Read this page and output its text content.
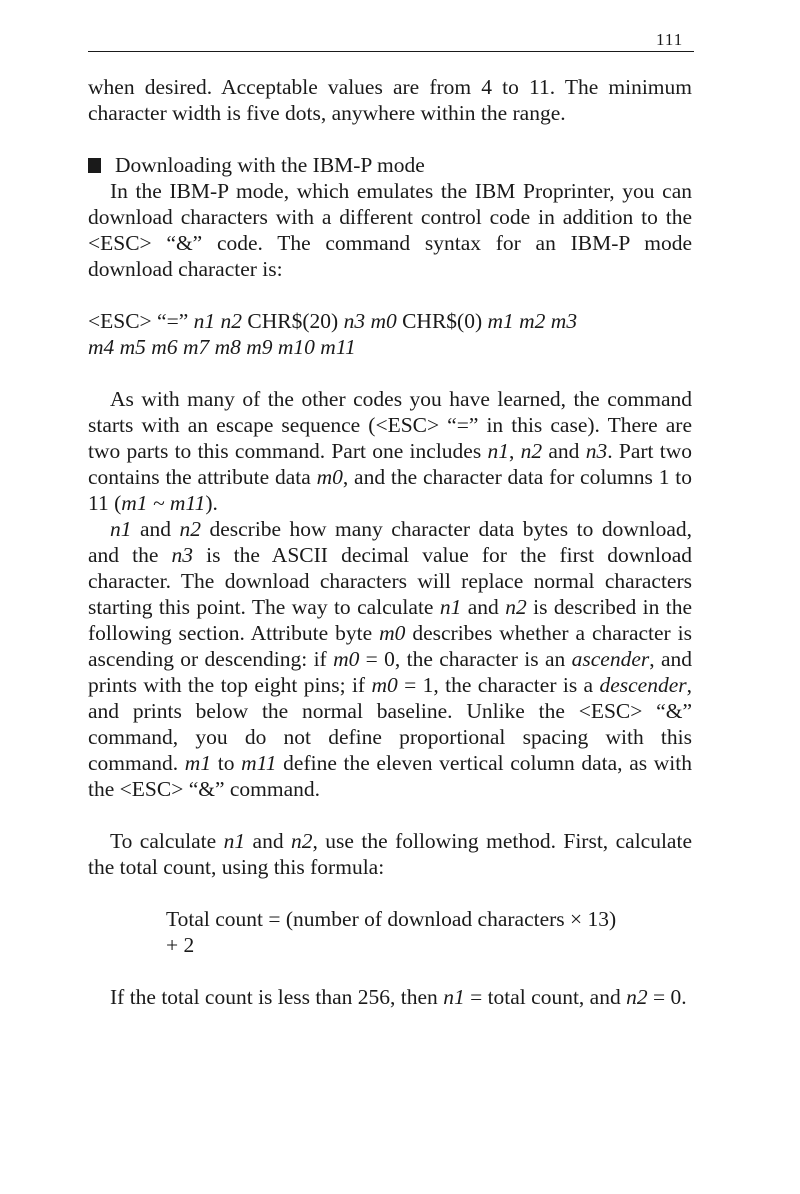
111

when desired. Acceptable values are from 4 to 11. The minimum character width is five dots, anywhere within the range.

Downloading with the IBM-P mode

In the IBM-P mode, which emulates the IBM Proprinter, you can download characters with a different control code in addition to the <ESC> “&” code. The command syntax for an IBM-P mode download character is:

<ESC> “=” n1 n2 CHR$(20) n3 m0 CHR$(0) m1 m2 m3
m4 m5 m6 m7 m8 m9 m10 m11

As with many of the other codes you have learned, the command starts with an escape sequence (<ESC> “=” in this case). There are two parts to this command. Part one includes n1, n2 and n3. Part two contains the attribute data m0, and the character data for columns 1 to 11 (m1 ~ m11).

n1 and n2 describe how many character data bytes to download, and the n3 is the ASCII decimal value for the first download character. The download characters will replace normal characters starting this point. The way to calculate n1 and n2 is described in the following section. Attribute byte m0 describes whether a character is ascending or descending: if m0 = 0, the character is an ascender, and prints with the top eight pins; if m0 = 1, the character is a descender, and prints below the normal baseline. Unlike the <ESC> “&” command, you do not define proportional spacing with this command. m1 to m11 define the eleven vertical column data, as with the <ESC> “&” command.

To calculate n1 and n2, use the following method. First, calculate the total count, using this formula:

Total count = (number of download characters × 13)
+ 2

If the total count is less than 256, then n1 = total count, and n2 = 0.
